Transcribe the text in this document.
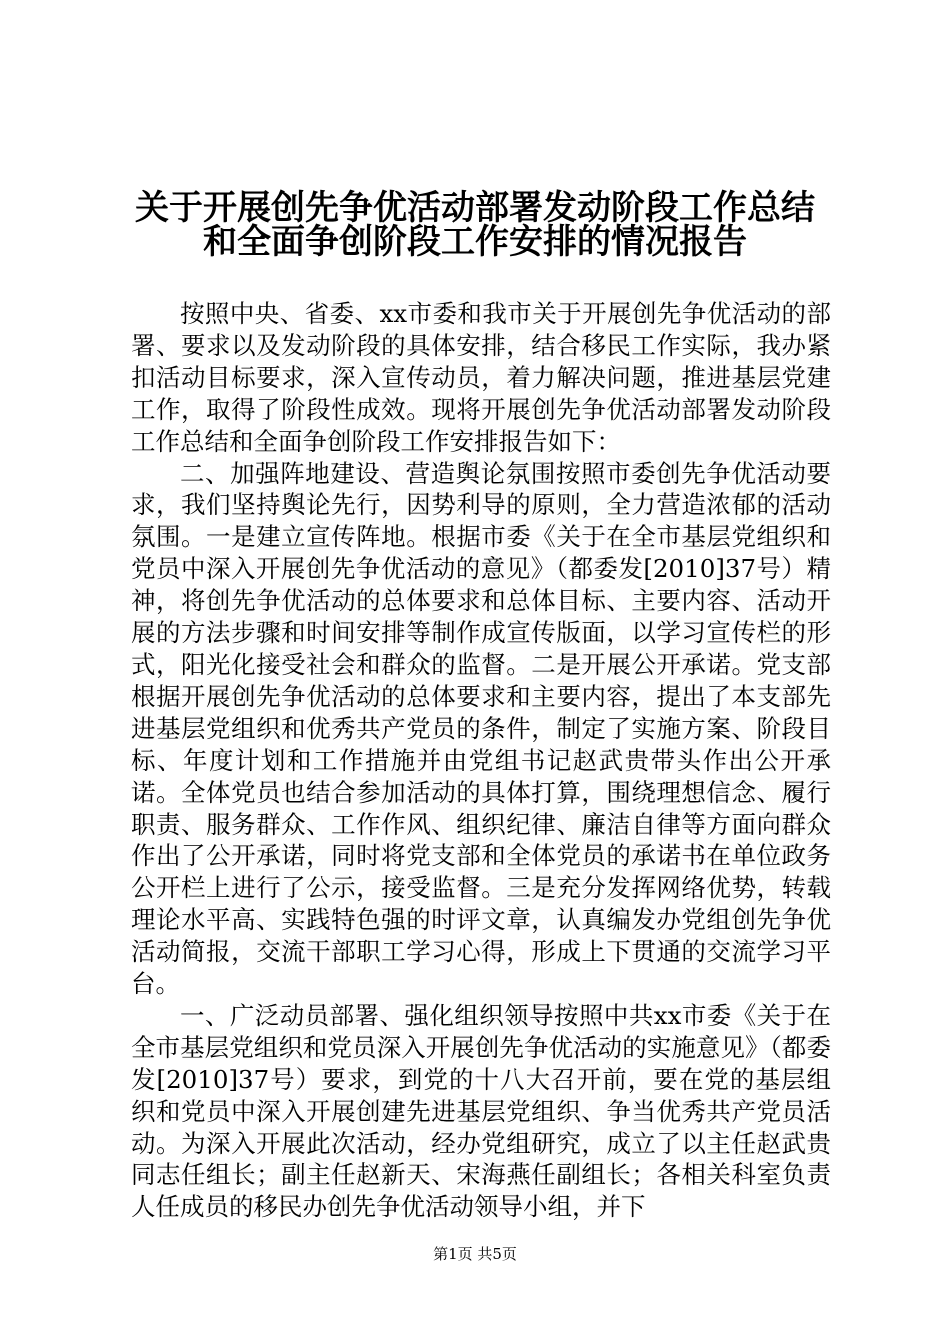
关于开展创先争优活动部署发动阶段工作总结
和全面争创阶段工作安排的情况报告

按照中央、省委、xx市委和我市关于开展创先争优活动的部署、要求以及发动阶段的具体安排，结合移民工作实际，我办紧扣活动目标要求，深入宣传动员，着力解决问题，推进基层党建工作，取得了阶段性成效。现将开展创先争优活动部署发动阶段工作总结和全面争创阶段工作安排报告如下：

二、加强阵地建设、营造舆论氛围按照市委创先争优活动要求，我们坚持舆论先行，因势利导的原则，全力营造浓郁的活动氛围。一是建立宣传阵地。根据市委《关于在全市基层党组织和党员中深入开展创先争优活动的意见》（都委发[2010]37号）精神，将创先争优活动的总体要求和总体目标、主要内容、活动开展的方法步骤和时间安排等制作成宣传版面，以学习宣传栏的形式，阳光化接受社会和群众的监督。二是开展公开承诺。党支部根据开展创先争优活动的总体要求和主要内容，提出了本支部先进基层党组织和优秀共产党员的条件，制定了实施方案、阶段目标、年度计划和工作措施并由党组书记赵武贵带头作出公开承诺。全体党员也结合参加活动的具体打算，围绕理想信念、履行职责、服务群众、工作作风、组织纪律、廉洁自律等方面向群众作出了公开承诺，同时将党支部和全体党员的承诺书在单位政务公开栏上进行了公示，接受监督。三是充分发挥网络优势，转载理论水平高、实践特色强的时评文章，认真编发办党组创先争优活动简报，交流干部职工学习心得，形成上下贯通的交流学习平台。

一、广泛动员部署、强化组织领导按照中共xx市委《关于在全市基层党组织和党员深入开展创先争优活动的实施意见》（都委发[2010]37号）要求，到党的十八大召开前，要在党的基层组织和党员中深入开展创建先进基层党组织、争当优秀共产党员活动。为深入开展此次活动，经办党组研究，成立了以主任赵武贵同志任组长；副主任赵新天、宋海燕任副组长；各相关科室负责人任成员的移民办创先争优活动领导小组，并下

第1页 共5页
